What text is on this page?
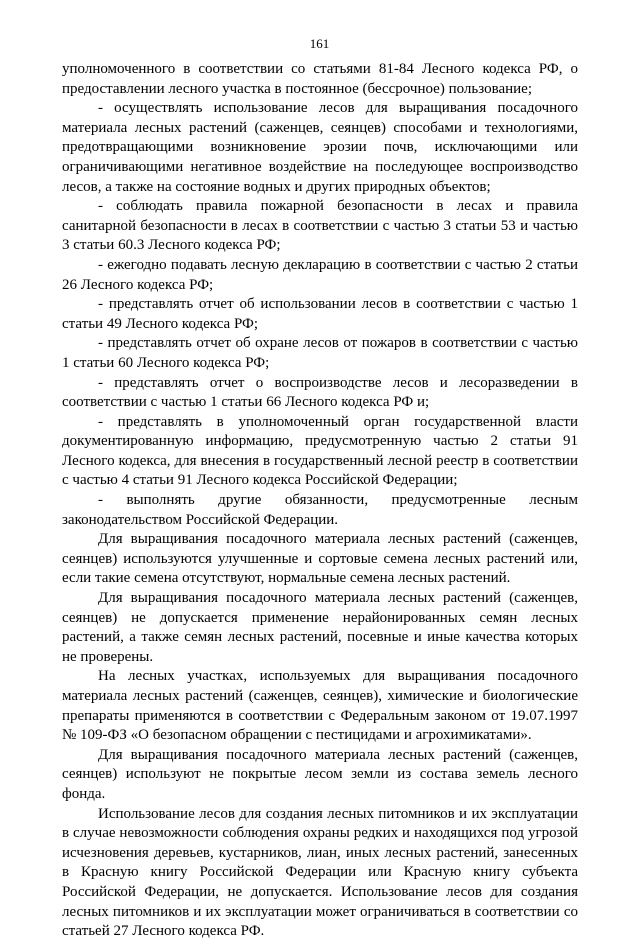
161

уполномоченного в соответствии со статьями 81-84 Лесного кодекса РФ, о предоставлении лесного участка в постоянное (бессрочное) пользование;

- осуществлять использование лесов для выращивания посадочного материала лесных растений (саженцев, сеянцев) способами и технологиями, предотвращающими возникновение эрозии почв, исключающими или ограничивающими негативное воздействие на последующее воспроизводство лесов, а также на состояние водных и других природных объектов;

- соблюдать правила пожарной безопасности в лесах и правила санитарной безопасности в лесах в соответствии с частью 3 статьи 53 и частью 3 статьи 60.3 Лесного кодекса РФ;

- ежегодно подавать лесную декларацию в соответствии с частью 2 статьи 26 Лесного кодекса РФ;

- представлять отчет об использовании лесов в соответствии с частью 1 статьи 49 Лесного кодекса РФ;

- представлять отчет об охране лесов от пожаров в соответствии с частью 1 статьи 60 Лесного кодекса РФ;

- представлять отчет о воспроизводстве лесов и лесоразведении в соответствии с частью 1 статьи 66 Лесного кодекса РФ и;

- представлять в уполномоченный орган государственной власти документированную информацию, предусмотренную частью 2 статьи 91 Лесного кодекса, для внесения в государственный лесной реестр в соответствии с частью 4 статьи 91 Лесного кодекса Российской Федерации;

- выполнять другие обязанности, предусмотренные лесным законодательством Российской Федерации.

Для выращивания посадочного материала лесных растений (саженцев, сеянцев) используются улучшенные и сортовые семена лесных растений или, если такие семена отсутствуют, нормальные семена лесных растений.

Для выращивания посадочного материала лесных растений (саженцев, сеянцев) не допускается применение нерайонированных семян лесных растений, а также семян лесных растений, посевные и иные качества которых не проверены.

На лесных участках, используемых для выращивания посадочного материала лесных растений (саженцев, сеянцев), химические и биологические препараты применяются в соответствии с Федеральным законом от 19.07.1997 № 109-ФЗ «О безопасном обращении с пестицидами и агрохимикатами».

Для выращивания посадочного материала лесных растений (саженцев, сеянцев) используют не покрытые лесом земли из состава земель лесного фонда.

Использование лесов для создания лесных питомников и их эксплуатации в случае невозможности соблюдения охраны редких и находящихся под угрозой исчезновения деревьев, кустарников, лиан, иных лесных растений, занесенных в Красную книгу Российской Федерации или Красную книгу субъекта Российской Федерации, не допускается. Использование лесов для создания лесных питомников и их эксплуатации может ограничиваться в соответствии со статьей 27 Лесного кодекса РФ.
